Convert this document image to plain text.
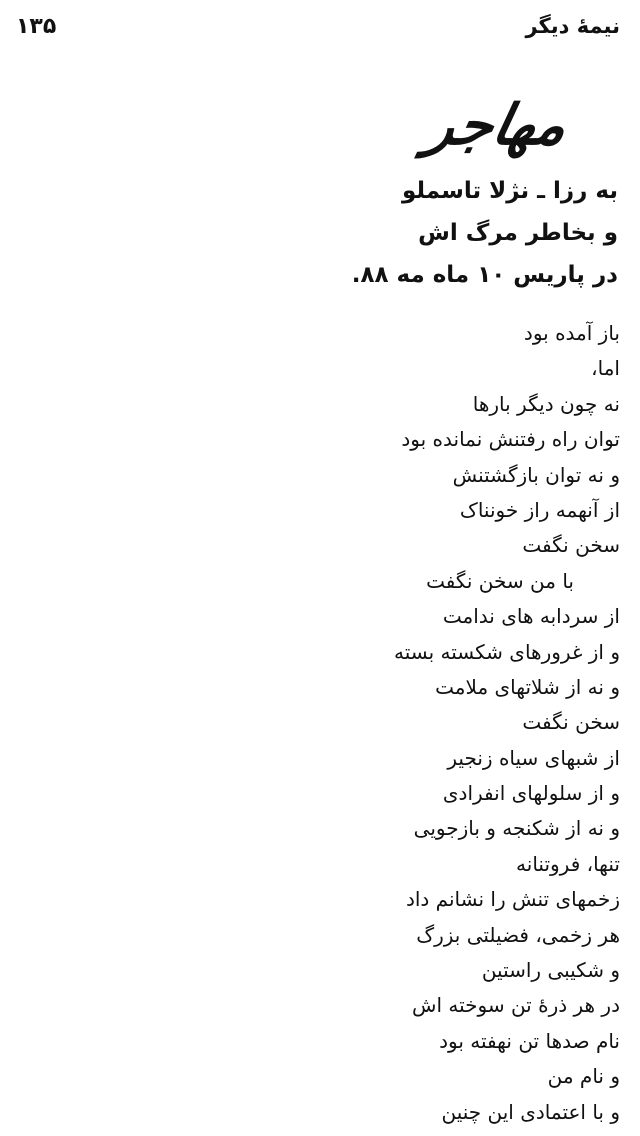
۱۳۵	نیمهٔ دیگر
مهاجر
به رزا ـ نژلا تاسملو
و بخاطر مرگ اش
در پاریس ۱۰ ماه مه ۸۸.
باز آمده بود
اما،
نه چون دیگر بارها
توان راه رفتنش نمانده بود
و نه توان بازگشتنش
از آنهمه راز خونناک
سخن نگفت
با من سخن نگفت
از سردابه های ندامت
و از غرورهای شکسته بسته
و نه از شلاتهای ملامت
سخن نگفت
از شبهای سیاه زنجیر
و از سلولهای انفرادی
و نه از شکنجه و بازجویی
تنها، فروتنانه
زخمهای تنش را نشانم داد
هر زخمی، فضیلتی بزرگ
و شکیبی راستین
در هر ذرهٔ تن سوخته اش
نام صدها تن نهفته بود
و نام من
و با اعتمادی این چنین
